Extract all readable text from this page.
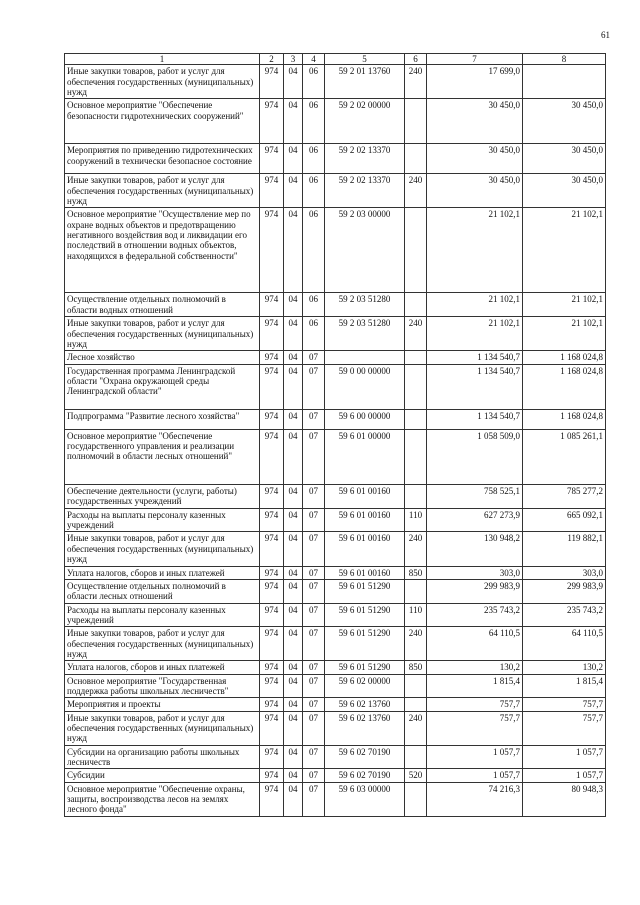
61
1	2	3	4	5	6	7	8
Иные закупки товаров, работ и услуг для обеспечения государственных (муниципальных) нужд	974	04	06	59 2 01 13760	240	17 699,0	
Основное мероприятие "Обеспечение безопасности гидротехнических сооружений"	974	04	06	59 2 02 00000		30 450,0	30 450,0
Мероприятия по приведению гидротехнических сооружений в технически безопасное состояние	974	04	06	59 2 02 13370		30 450,0	30 450,0
Иные закупки товаров, работ и услуг для обеспечения государственных (муниципальных) нужд	974	04	06	59 2 02 13370	240	30 450,0	30 450,0
Основное мероприятие "Осуществление мер по охране водных объектов и предотвращению негативного воздействия вод и ликвидации его последствий в отношении водных объектов, находящихся в федеральной собственности"	974	04	06	59 2 03 00000		21 102,1	21 102,1
Осуществление отдельных полномочий в области водных отношений	974	04	06	59 2 03 51280		21 102,1	21 102,1
Иные закупки товаров, работ и услуг для обеспечения государственных (муниципальных) нужд	974	04	06	59 2 03 51280	240	21 102,1	21 102,1
Лесное хозяйство	974	04	07			1 134 540,7	1 168 024,8
Государственная программа Ленинградской области "Охрана окружающей среды Ленинградской области"	974	04	07	59 0 00 00000		1 134 540,7	1 168 024,8
Подпрограмма "Развитие лесного хозяйства"	974	04	07	59 6 00 00000		1 134 540,7	1 168 024,8
Основное мероприятие "Обеспечение государственного управления и реализации полномочий в области лесных отношений"	974	04	07	59 6 01 00000		1 058 509,0	1 085 261,1
Обеспечение деятельности (услуги, работы) государственных учреждений	974	04	07	59 6 01 00160		758 525,1	785 277,2
Расходы на выплаты персоналу казенных учреждений	974	04	07	59 6 01 00160	110	627 273,9	665 092,1
Иные закупки товаров, работ и услуг для обеспечения государственных (муниципальных) нужд	974	04	07	59 6 01 00160	240	130 948,2	119 882,1
Уплата налогов, сборов и иных платежей	974	04	07	59 6 01 00160	850	303,0	303,0
Осуществление отдельных полномочий в области лесных отношений	974	04	07	59 6 01 51290		299 983,9	299 983,9
Расходы на выплаты персоналу казенных учреждений	974	04	07	59 6 01 51290	110	235 743,2	235 743,2
Иные закупки товаров, работ и услуг для обеспечения государственных (муниципальных) нужд	974	04	07	59 6 01 51290	240	64 110,5	64 110,5
Уплата налогов, сборов и иных платежей	974	04	07	59 6 01 51290	850	130,2	130,2
Основное мероприятие "Государственная поддержка работы школьных лесничеств"	974	04	07	59 6 02 00000		1 815,4	1 815,4
Мероприятия и проекты	974	04	07	59 6 02 13760		757,7	757,7
Иные закупки товаров, работ и услуг для обеспечения государственных (муниципальных) нужд	974	04	07	59 6 02 13760	240	757,7	757,7
Субсидии на организацию работы школьных лесничеств	974	04	07	59 6 02 70190		1 057,7	1 057,7
Субсидии	974	04	07	59 6 02 70190	520	1 057,7	1 057,7
Основное мероприятие "Обеспечение охраны, защиты, воспроизводства лесов на землях лесного фонда"	974	04	07	59 6 03 00000		74 216,3	80 948,3
